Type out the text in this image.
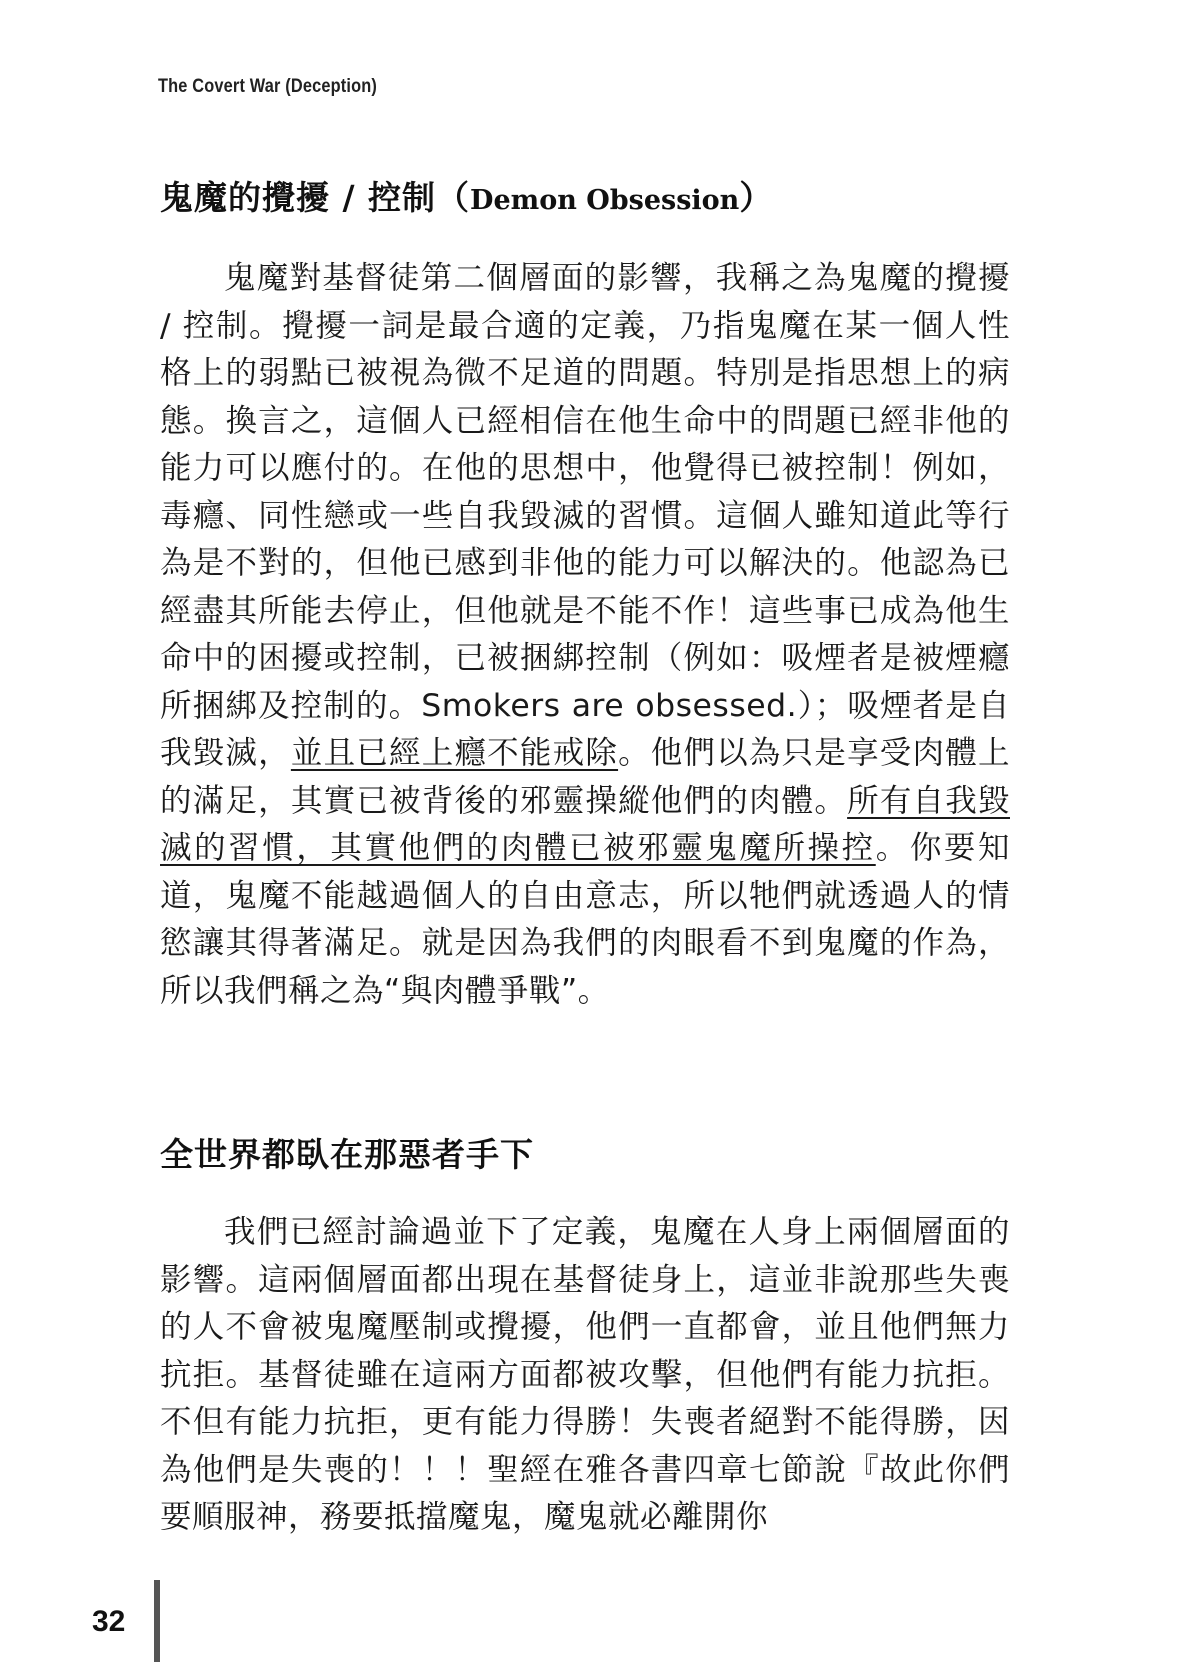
The Covert War (Deception)
鬼魔的攪擾 / 控制（Demon Obsession）

鬼魔對基督徒第二個層面的影響，我稱之為鬼魔的攪擾 / 控制。攪擾一詞是最合適的定義，乃指鬼魔在某一個人性格上的弱點已被視為微不足道的問題。特別是指思想上的病態。換言之，這個人已經相信在他生命中的問題已經非他的能力可以應付的。在他的思想中，他覺得已被控制！例如，毒癮、同性戀或一些自我毀滅的習慣。這個人雖知道此等行為是不對的，但他已感到非他的能力可以解決的。他認為已經盡其所能去停止，但他就是不能不作！這些事已成為他生命中的困擾或控制，已被捆綁控制（例如：吸煙者是被煙癮所捆綁及控制的。Smokers are obsessed.）；吸煙者是自我毀滅，並且已經上癮不能戒除。他們以為只是享受肉體上的滿足，其實已被背後的邪靈操縱他們的肉體。所有自我毀滅的習慣，其實他們的肉體已被邪靈鬼魔所操控。你要知道，鬼魔不能越過個人的自由意志，所以牠們就透過人的情慾讓其得著滿足。就是因為我們的肉眼看不到鬼魔的作為，所以我們稱之為“與肉體爭戰”。

全世界都臥在那惡者手下

我們已經討論過並下了定義，鬼魔在人身上兩個層面的影響。這兩個層面都出現在基督徒身上，這並非說那些失喪的人不會被鬼魔壓制或攪擾，他們一直都會，並且他們無力抗拒。基督徒雖在這兩方面都被攻擊，但他們有能力抗拒。不但有能力抗拒，更有能力得勝！失喪者絕對不能得勝，因為他們是失喪的！！！聖經在雅各書四章七節說『故此你們要順服神，務要抵擋魔鬼，魔鬼就必離開你

32
